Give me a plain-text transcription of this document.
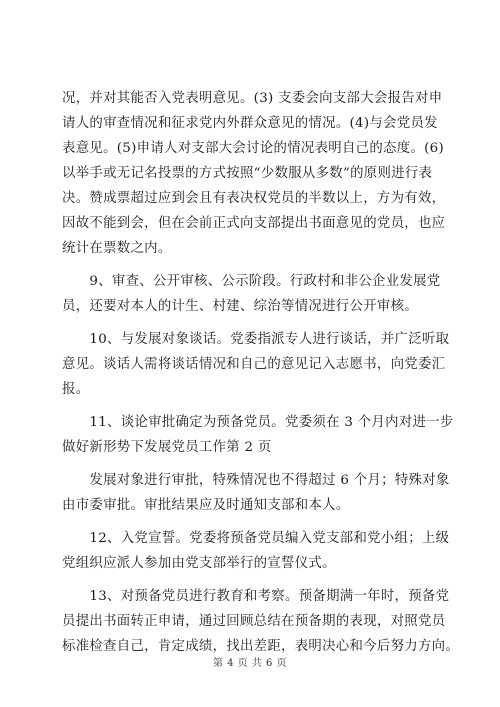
况，并对其能否入党表明意见。(3) 支委会向支部大会报告对申
请人的审查情况和征求党内外群众意见的情况。(4)与会党员发
表意见。(5)申请人对支部大会讨论的情况表明自己的态度。(6)
以举手或无记名投票的方式按照“少数服从多数”的原则进行表
决。赞成票超过应到会且有表决权党员的半数以上，方为有效，
因故不能到会，但在会前正式向支部提出书面意见的党员，也应
统计在票数之内。
　　9、审查、公开审核、公示阶段。行政村和非公企业发展党
员，还要对本人的计生、村建、综治等情况进行公开审核。
　　10、与发展对象谈话。党委指派专人进行谈话，并广泛听取
意见。谈话人需将谈话情况和自己的意见记入志愿书，向党委汇
报。
　　11、谈论审批确定为预备党员。党委须在 3 个月内对进一步
做好新形势下发展党员工作第 2 页
　　发展对象进行审批，特殊情况也不得超过 6 个月；特殊对象
由市委审批。审批结果应及时通知支部和本人。
　　12、入党宣誓。党委将预备党员编入党支部和党小组；上级
党组织应派人参加由党支部举行的宣誓仪式。
　　13、对预备党员进行教育和考察。预备期满一年时，预备党
员提出书面转正申请，通过回顾总结在预备期的表现，对照党员
标准检查自己，肯定成绩，找出差距，表明决心和今后努力方向。
第 4 页 共 6 页
